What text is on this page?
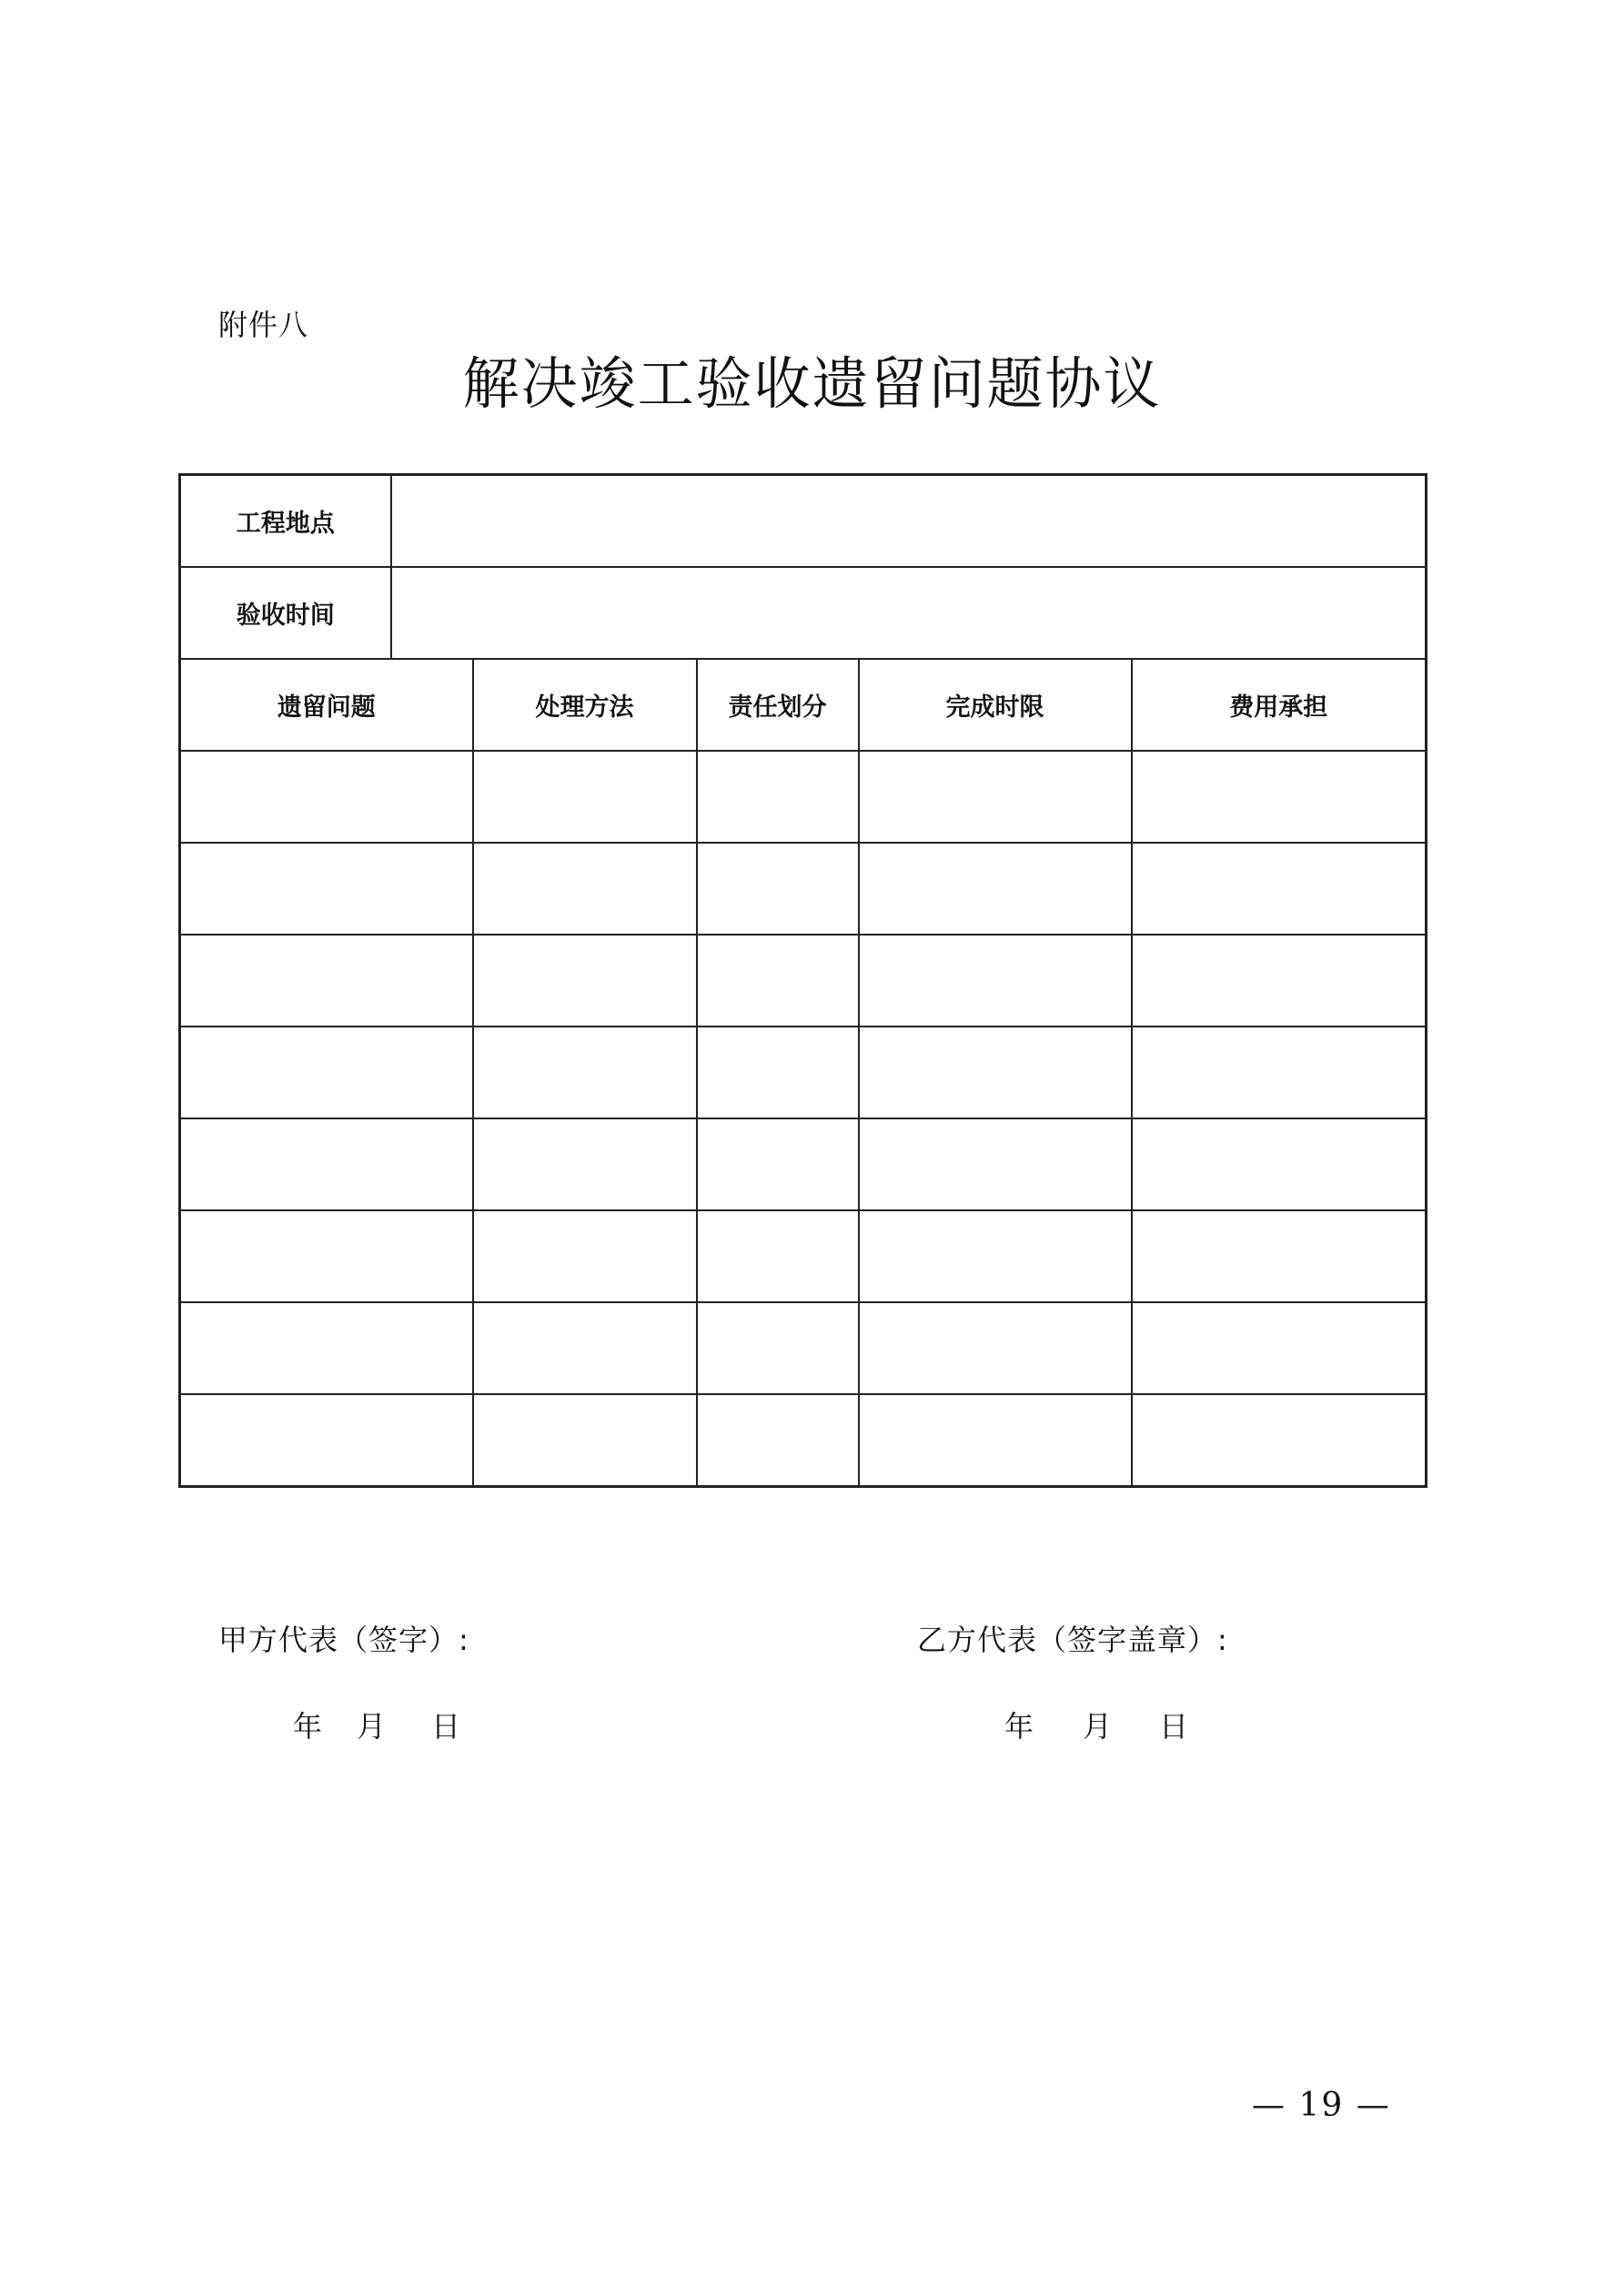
附件八
解决竣工验收遗留问题协议
工程地点					
验收时间					
遗留问题		处理方法	责任划分	完成时限	费用承担

甲方代表（签字）:	乙方代表（签字盖章）:
年 月 日	年 月 日
— 19 —
